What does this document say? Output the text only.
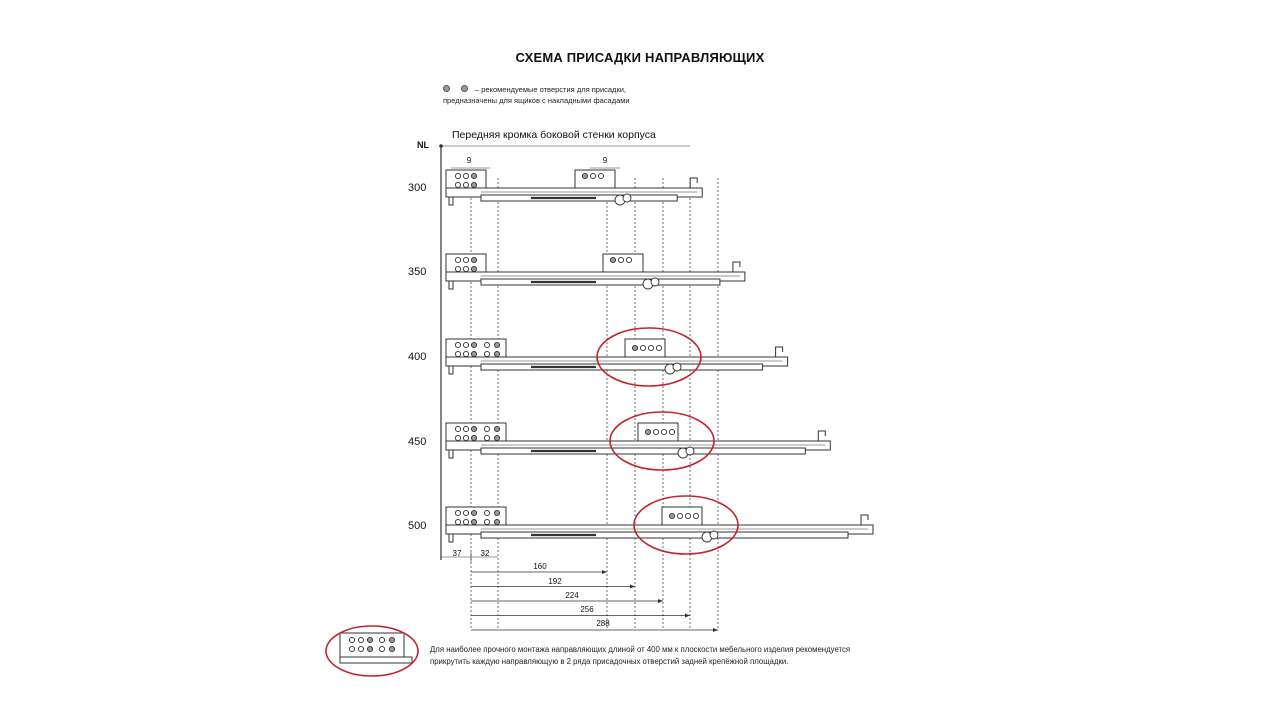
СХЕМА ПРИСАДКИ НАПРАВЛЯЮЩИХ
– рекомендуемые отверстия для присадки,
предназначены для ящиков с накладными фасадами
Передняя кромка боковой стенки корпуса
NL
300
350
400
450
500
9	9
37	32
160
192
224
256
288
Для наиболее прочного монтажа направляющих длиной от 400 мм к плоскости мебельного изделия рекомендуется
прикрутить каждую направляющую в 2 ряда присадочных отверстий задней крепёжной площадки.
